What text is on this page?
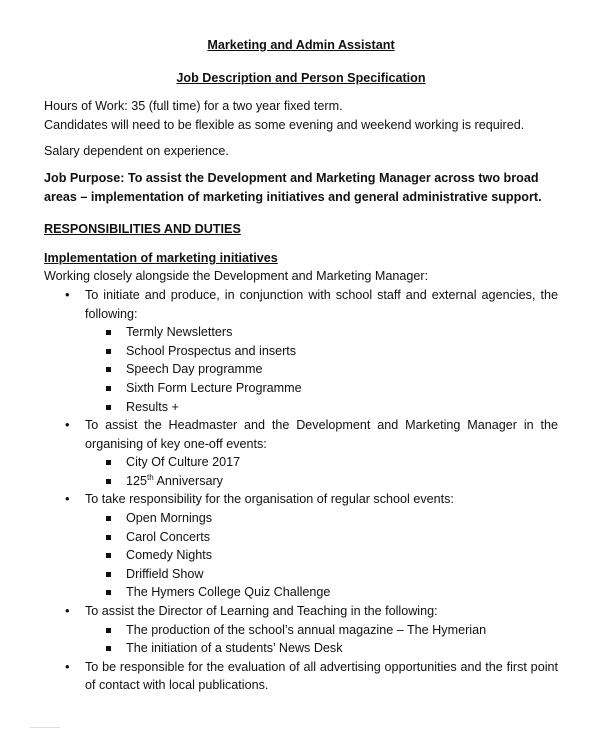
Marketing and Admin Assistant

Job Description and Person Specification

Hours of Work: 35 (full time) for a two year fixed term.

Candidates will need to be flexible as some evening and weekend working is required.

Salary dependent on experience.

Job Purpose: To assist the Development and Marketing Manager across two broad areas – implementation of marketing initiatives and general administrative support.

RESPONSIBILITIES AND DUTIES

Implementation of marketing initiatives

Working closely alongside the Development and Marketing Manager:

• To initiate and produce, in conjunction with school staff and external agencies, the following:
Termly Newsletters
School Prospectus and inserts
Speech Day programme
Sixth Form Lecture Programme
Results +
• To assist the Headmaster and the Development and Marketing Manager in the organising of key one-off events:
City Of Culture 2017
125th Anniversary
• To take responsibility for the organisation of regular school events:
Open Mornings
Carol Concerts
Comedy Nights
Driffield Show
The Hymers College Quiz Challenge
• To assist the Director of Learning and Teaching in the following:
The production of the school’s annual magazine – The Hymerian
The initiation of a students’ News Desk
• To be responsible for the evaluation of all advertising opportunities and the first point of contact with local publications.
